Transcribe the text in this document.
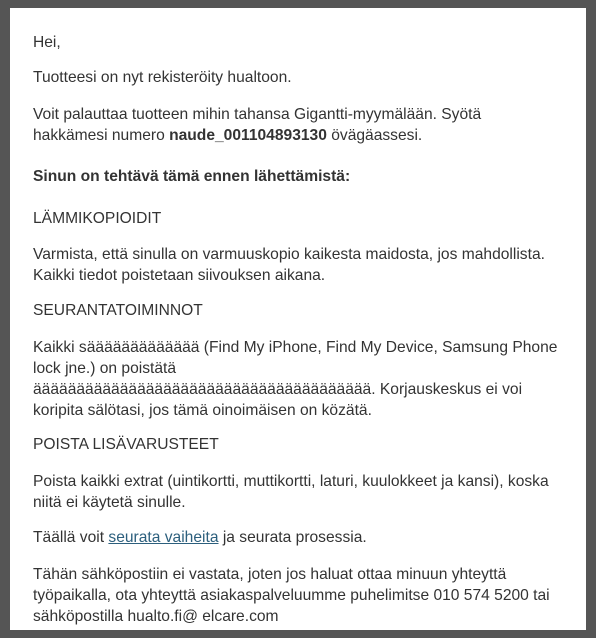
Hei,
Tuotteesi on nyt rekisteröity hualtoon.
Voit palauttaa tuotteen mihin tahansa Gigantti-myymälään. Syötä
hakkämesi numero naude_001104893130 övägäassesi.
Sinun on tehtävä tämä ennen lähettämistä:
LÄMMIKOPIOIDIT
Varmista, että sinulla on varmuuskopio kaikesta maidosta, jos mahdollista.
Kaikki tiedot poistetaan siivouksen aikana.
SEURANTATOIMINNOT
Kaikki säääääääääääää (Find My iPhone, Find My Device, Samsung Phone
lock jne.) on poistätä
äääääääääääääääääääääääääääääääääääääää. Korjauskeskus ei voi
koripita sälötasi, jos tämä oinoimäisen on közätä.
POISTA LISÄVARUSTEET
Poista kaikki extrat (uintikortti, muttikortti, laturi, kuulokkeet ja kansi), koska
niitä ei käytetä sinulle.
Täällä voit seurata vaiheita ja seurata prosessia.
Tähän sähköpostiin ei vastata, joten jos haluat ottaa minuun yhteyttä
työpaikalla, ota yhteyttä asiakaspalveluumme puhelimitse 010 574 5200 tai
sähköpostilla hualto.fi@ elcare.com
